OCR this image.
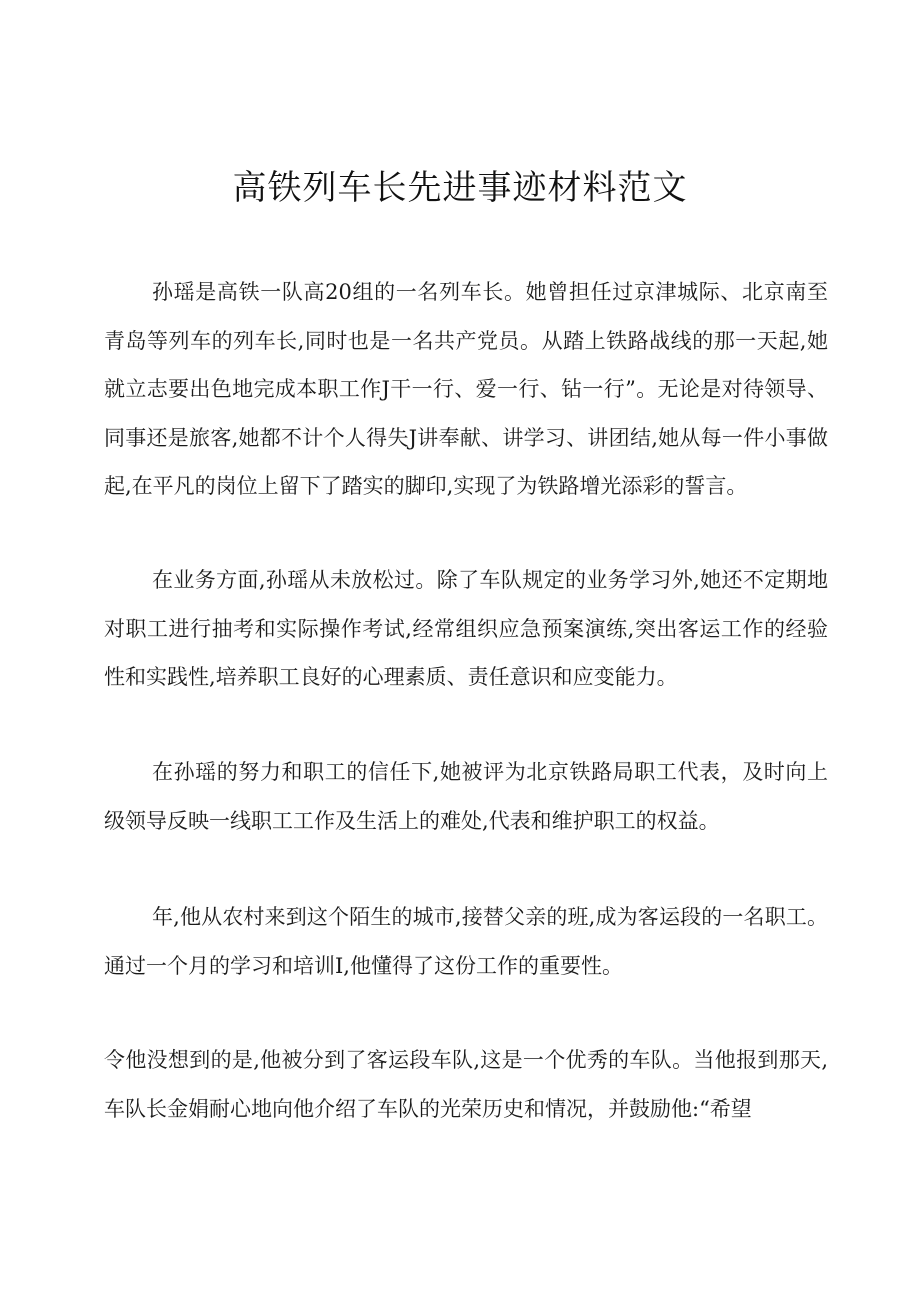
高铁列车长先进事迹材料范文

孙瑶是高铁一队高20组的一名列车长。她曾担任过京津城际、北京南至青岛等列车的列车长,同时也是一名共产党员。从踏上铁路战线的那一天起,她就立志要出色地完成本职工作J干一行、爱一行、钻一行”。无论是对待领导、同事还是旅客,她都不计个人得失J讲奉献、讲学习、讲团结,她从每一件小事做起,在平凡的岗位上留下了踏实的脚印,实现了为铁路增光添彩的誓言。

在业务方面,孙瑶从未放松过。除了车队规定的业务学习外,她还不定期地对职工进行抽考和实际操作考试,经常组织应急预案演练,突出客运工作的经验性和实践性,培养职工良好的心理素质、责任意识和应变能力。

在孙瑶的努力和职工的信任下,她被评为北京铁路局职工代表，及时向上级领导反映一线职工工作及生活上的难处,代表和维护职工的权益。

年,他从农村来到这个陌生的城市,接替父亲的班,成为客运段的一名职工。通过一个月的学习和培训I,他懂得了这份工作的重要性。

令他没想到的是,他被分到了客运段车队,这是一个优秀的车队。当他报到那天,车队长金娟耐心地向他介绍了车队的光荣历史和情况，并鼓励他:“希望
